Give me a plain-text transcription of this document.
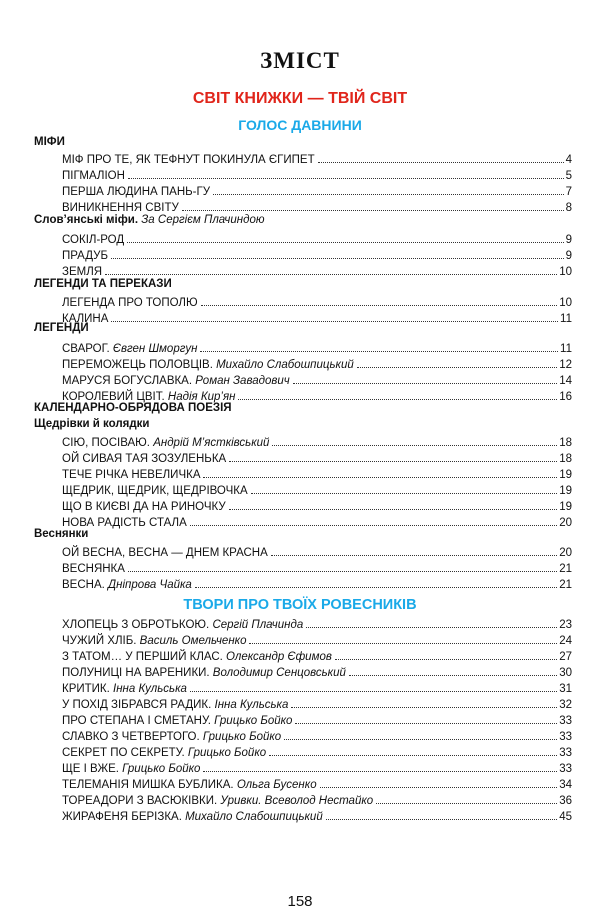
ЗМІСТ
СВІТ КНИЖКИ — ТВІЙ СВІТ
ГОЛОС ДАВНИНИ
МІФИ
Слов’янські міфи. За Сергієм Плачиндою
ЛЕГЕНДИ ТА ПЕРЕКАЗИ
ЛЕГЕНДИ
КАЛЕНДАРНО-ОБРЯДОВА ПОЕЗІЯ
Щедрівки й колядки
Веснянки
МІФ ПРО ТЕ, ЯК ТЕФНУТ ПОКИНУЛА ЄГИПЕТ	4
ПІГМАЛІОН	5
ПЕРША ЛЮДИНА ПАНЬ-ГУ	7
ВИНИКНЕННЯ СВІТУ	8
СОКІЛ-РОД	9
ПРАДУБ	9
ЗЕМЛЯ	10
ЛЕГЕНДА ПРО ТОПОЛЮ	10
КАЛИНА	11
СВАРОГ. Євген Шморгун	11
ПЕРЕМОЖЕЦЬ ПОЛОВЦІВ. Михайло Слабошпицький	12
МАРУСЯ БОГУСЛАВКА. Роман Завадович	14
КОРОЛЕВИЙ ЦВІТ. Надія Кир’ян	16
СІЮ, ПОСІВАЮ. Андрій М’ястківський	18
ОЙ СИВАЯ ТАЯ ЗОЗУЛЕНЬКА	18
ТЕЧЕ РІЧКА НЕВЕЛИЧКА	19
ЩЕДРИК, ЩЕДРИК, ЩЕДРІВОЧКА	19
ЩО В КИЄВІ ДА НА РИНОЧКУ	19
НОВА РАДІСТЬ СТАЛА	20
ОЙ ВЕСНА, ВЕСНА — ДНЕМ КРАСНА	20
ВЕСНЯНКА	21
ВЕСНА. Дніпрова Чайка	21
ХЛОПЕЦЬ З ОБРОТЬКОЮ. Сергій Плачинда	23
ЧУЖИЙ ХЛІБ. Василь Омельченко	24
З ТАТОМ… У ПЕРШИЙ КЛАС. Олександр Єфимов	27
ПОЛУНИЦІ НА ВАРЕНИКИ. Володимир Сенцовський	30
КРИТИК. Інна Кульська	31
У ПОХІД ЗІБРАВСЯ РАДИК. Інна Кульська	32
ПРО СТЕПАНА І СМЕТАНУ. Грицько Бойко	33
СЛАВКО З ЧЕТВЕРТОГО. Грицько Бойко	33
СЕКРЕТ ПО СЕКРЕТУ. Грицько Бойко	33
ЩЕ І ВЖЕ. Грицько Бойко	33
ТЕЛЕМАНІЯ МИШКА БУБЛИКА. Ольга Бусенко	34
ТОРЕАДОРИ З ВАСЮКІВКИ. Уривки. Всеволод Нестайко	36
ЖИРАФЕНЯ БЕРІЗКА. Михайло Слабошпицький	45
ТВОРИ ПРО ТВОЇХ РОВЕСНИКІВ
158
